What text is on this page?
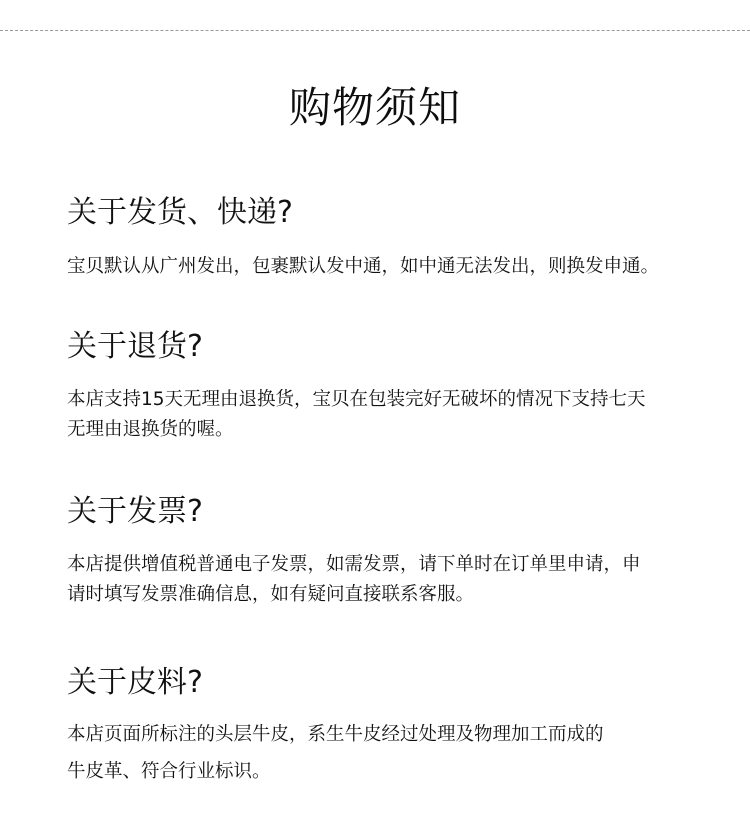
购物须知
关于发货、快递?

宝贝默认从广州发出，包裹默认发中通，如中通无法发出，则换发申通。

关于退货?

本店支持15天无理由退换货，宝贝在包装完好无破坏的情况下支持七天
无理由退换货的喔。

关于发票?

本店提供增值税普通电子发票，如需发票，请下单时在订单里申请，申
请时填写发票准确信息，如有疑问直接联系客服。

关于皮料?

本店页面所标注的头层牛皮，系生牛皮经过处理及物理加工而成的
牛皮革、符合行业标识。
